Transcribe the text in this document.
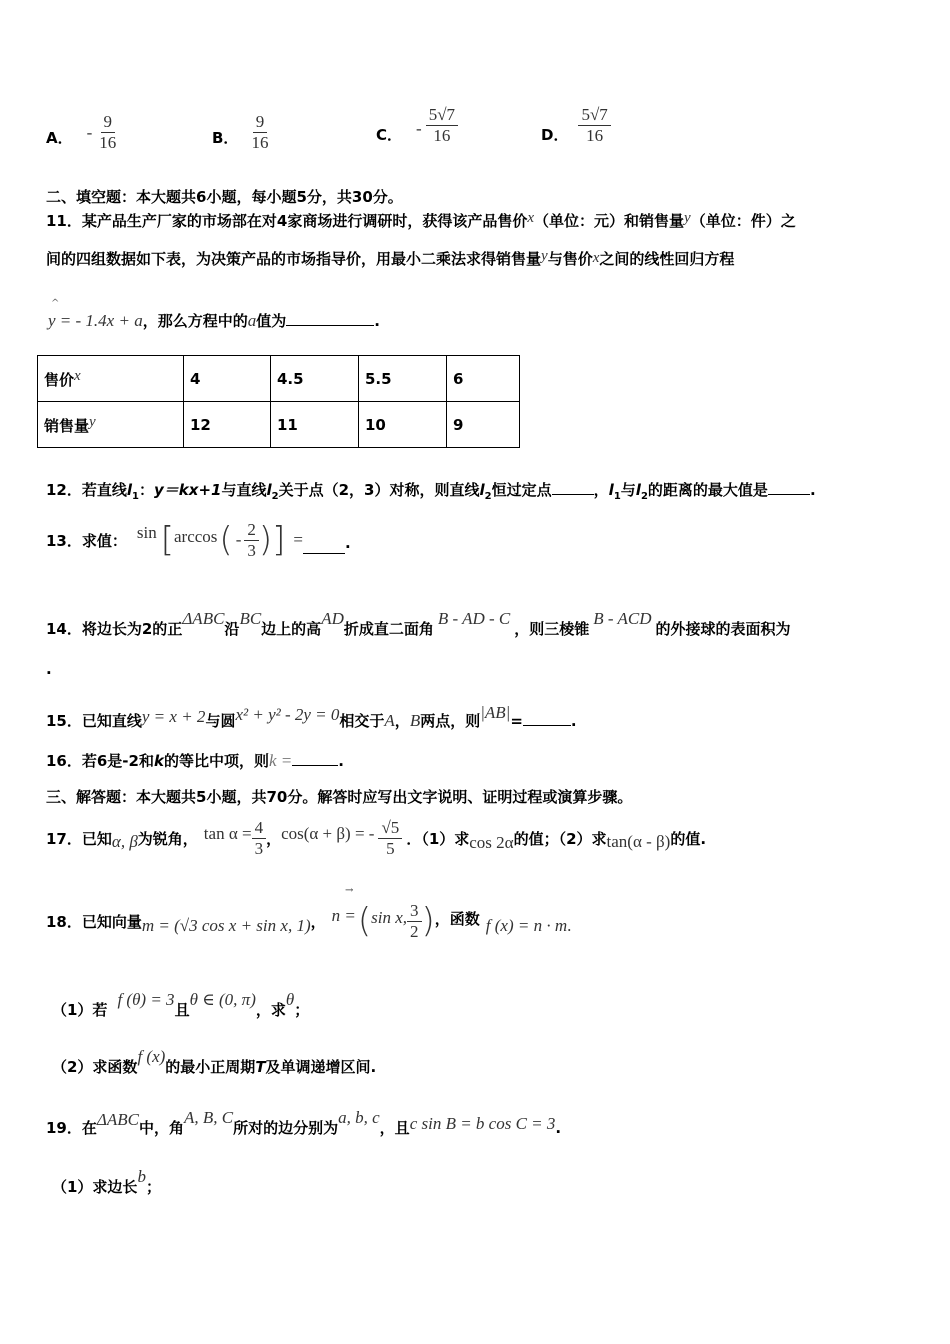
A． - $\frac{9}{16}$	B． $\frac{9}{16}$	C． - $\frac{5√7}{16}$	D． $\frac{5√7}{16}$
二、填空题：本大题共6小题，每小题5分，共30分。
11．某产品生产厂家的市场部在对4家商场进行调研时，获得该产品售价x（单位：元）和销售量y（单位：件）之
间的四组数据如下表，为决策产品的市场指导价，用最小二乘法求得销售量y与售价x之间的线性回归方程
^
y = - 1.4x + a，那么方程中的a值为	.
售价x	4	4.5	5.5	6
销售量y	12	11	10	9
12．若直线$l_1$：y＝kx+1与直线$l_2$关于点（2，3）对称，则直线$l_2$恒过定点	，$l_1$与$l_2$的距离的最大值是	.
13． 求值： sin [ arccos ( - $\frac{2}{3}$ ) ] =	.
14．将边长为2的正ΔABC沿BC边上的高AD折成直二面角B - AD - C，则三棱锥B - ACD的外接球的表面积为
.
15．已知直线y = x + 2与圆x² + y² - 2y = 0相交于A，B两点，则|AB|=	.
16．若6是-2和k的等比中项，则k =	.
三、解答题：本大题共5小题，共70分。解答时应写出文字说明、证明过程或演算步骤。
17． 已知 α, β 为锐角， $\tan \alpha = \frac{4}{3}$ ， cos(α + β) = - $\frac{√5}{5}$ ．（1）求 cos 2α 的值；（2）求 tan(α - β) 的值.
→
18． 已知向量 m = (√3 cos x + sin x, 1) ， n = ( sin x, $\frac{3}{2}$ ) ，函数 f (x) = n · m .
（1）若f (θ) = 3且θ ∈ (0, π)，求θ；
（2）求函数f (x)的最小正周期T及单调递增区间.
19．在ΔABC中，角A, B, C所对的边分别为a, b, c，且c sin B = b cos C = 3.
（1）求边长b；
